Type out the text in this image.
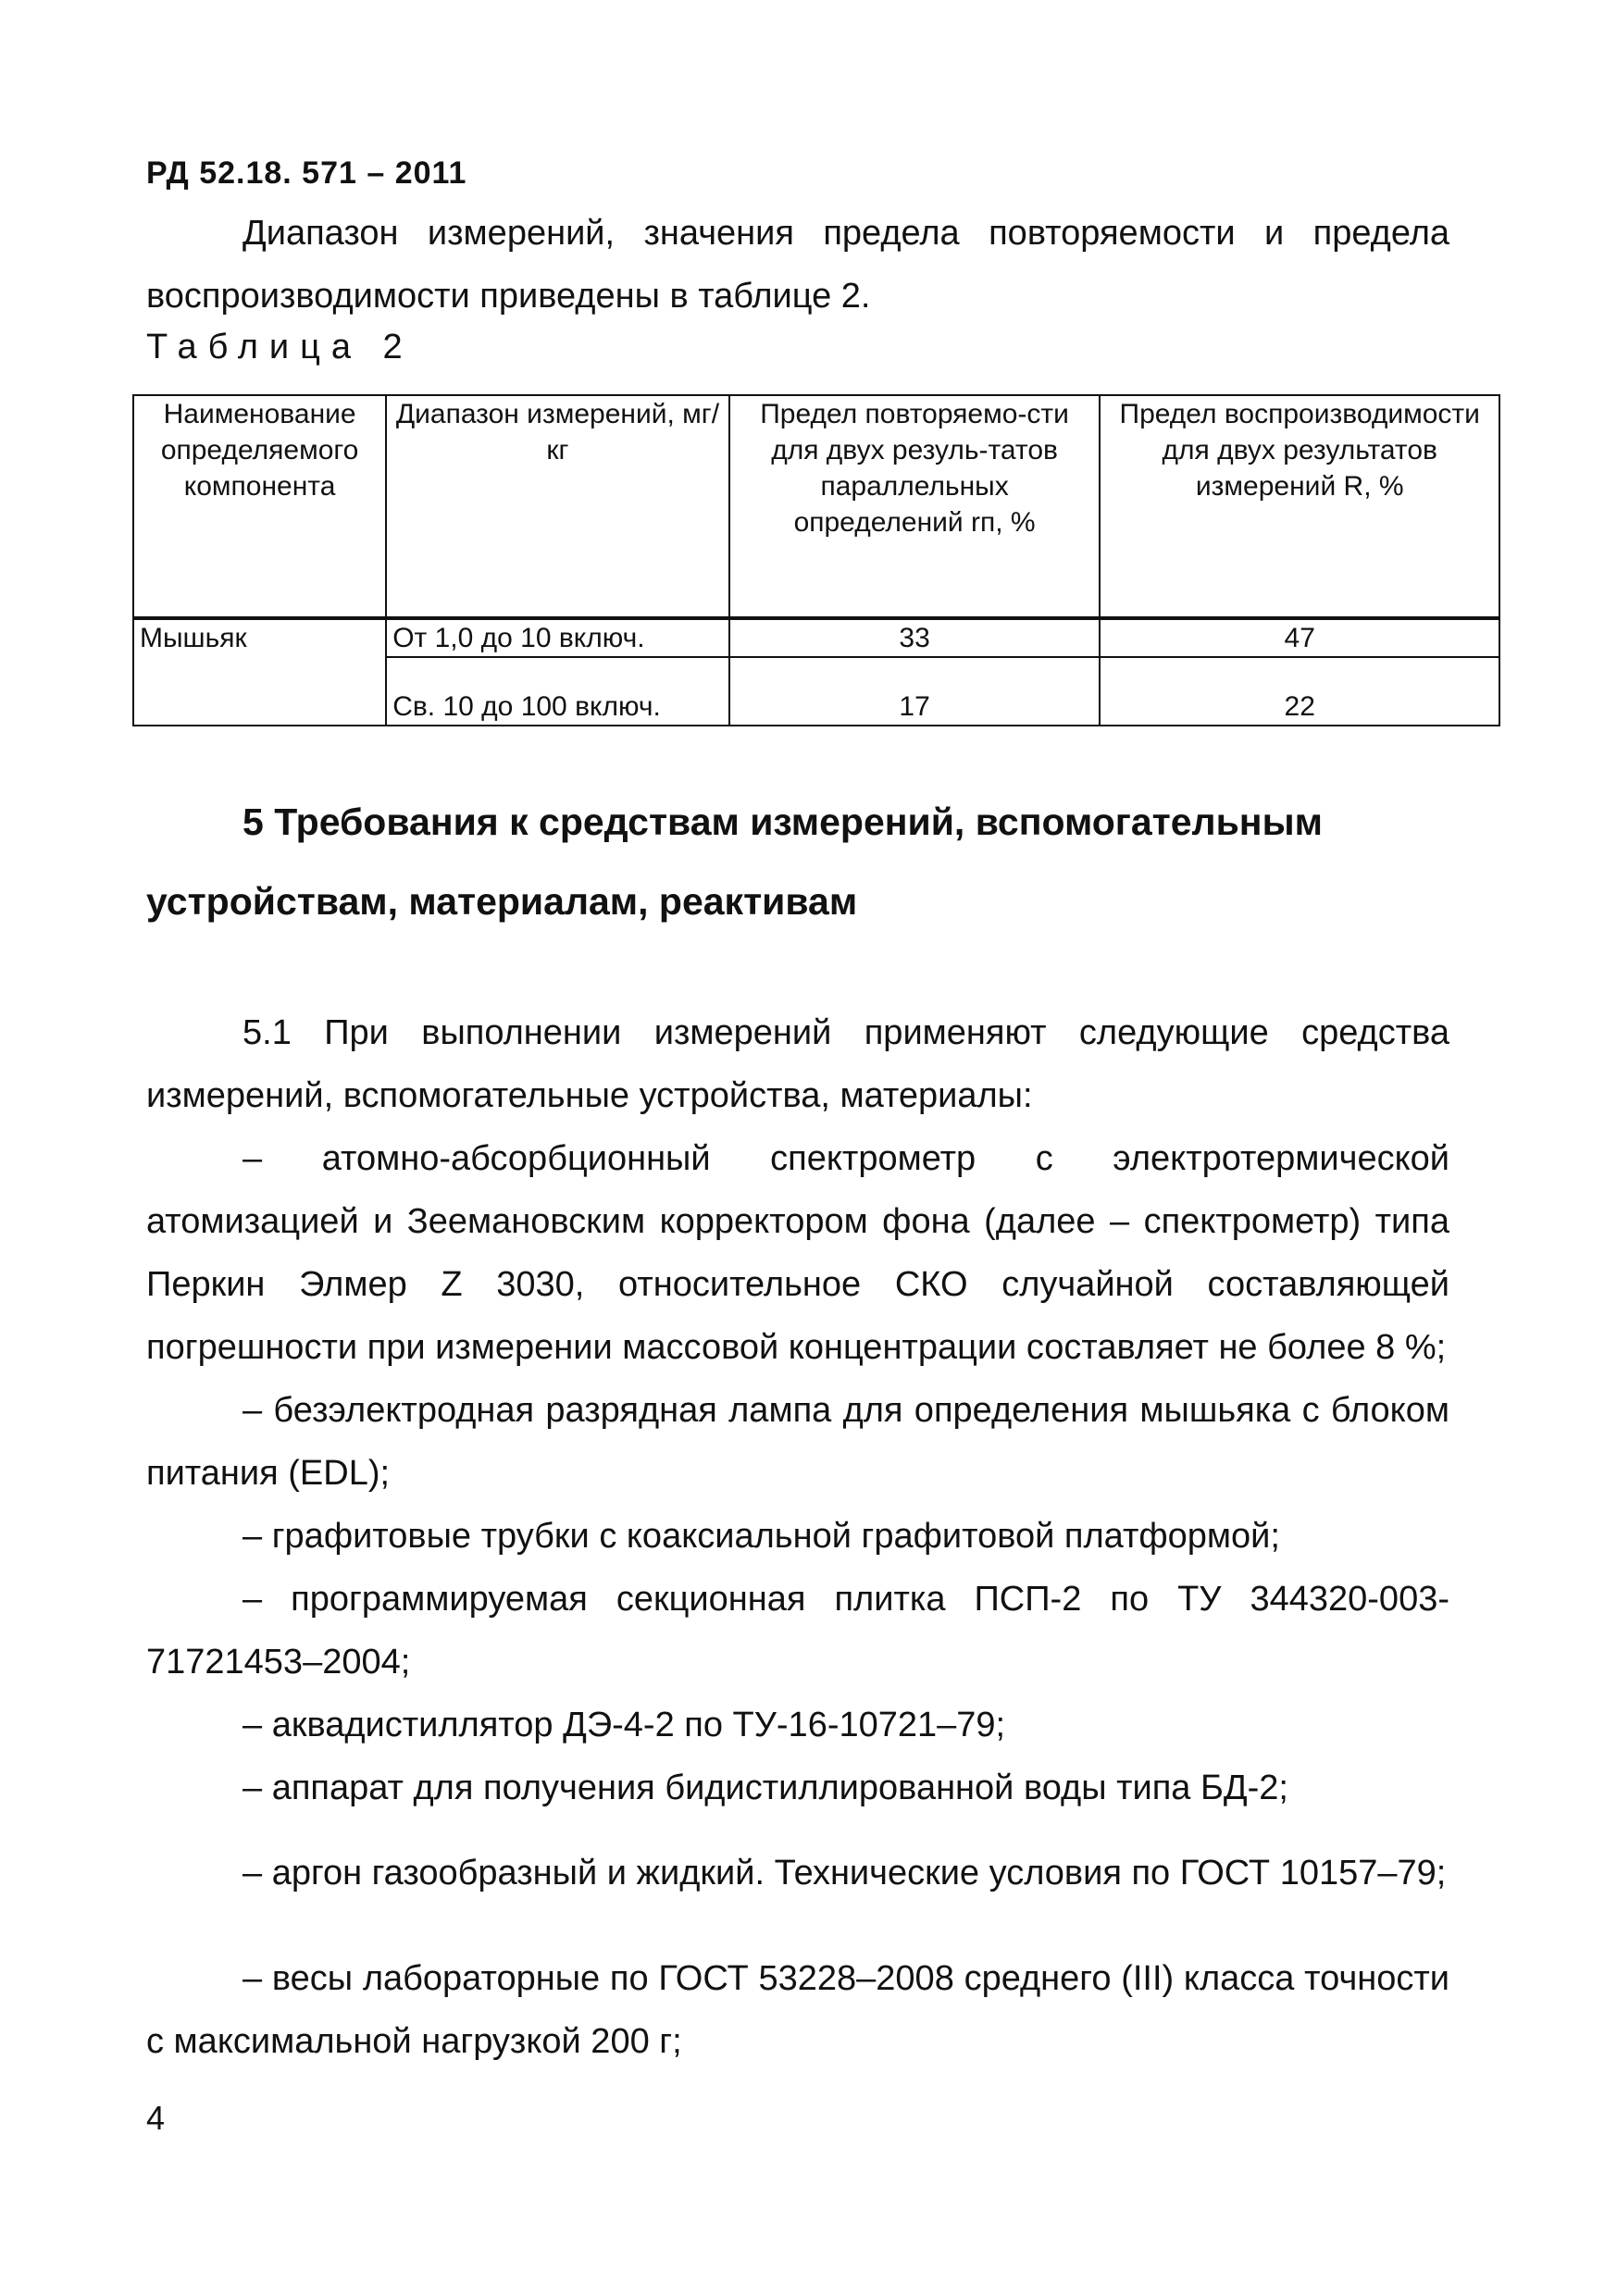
РД 52.18. 571 – 2011
Диапазон измерений, значения предела повторяемости и предела воспроизводимости приведены в таблице 2.
Таблица 2
Наименование определяемого компонента	Диапазон измерений, мг/кг	Предел повторяемо-сти для двух резуль-татов параллельных определений rп, %	Предел воспроизводимости для двух результатов измерений R, %
Мышьяк	От 1,0 до 10 включ.	33	47
	Св. 10 до 100 включ.	17	22
5 Требования к средствам измерений, вспомогательным
устройствам, материалам, реактивам
5.1 При выполнении измерений применяют следующие средства измерений, вспомогательные устройства, материалы:
– атомно-абсорбционный спектрометр с электротермической атомизацией и Зеемановским корректором фона (далее – спектрометр) типа Перкин Элмер Z 3030, относительное СКО случайной составляющей погрешности при измерении массовой концентрации составляет не более 8 %;
– безэлектродная разрядная лампа для определения мышьяка с блоком питания (EDL);
– графитовые трубки с коаксиальной графитовой платформой;
– программируемая секционная плитка ПСП-2 по ТУ 344320-003-71721453–2004;
– аквадистиллятор ДЭ-4-2 по ТУ-16-10721–79;
– аппарат для получения бидистиллированной воды типа БД-2;
– аргон газообразный и жидкий. Технические условия по ГОСТ 10157–79;
– весы лабораторные по ГОСТ 53228–2008 среднего (III) класса точности с максимальной нагрузкой 200 г;
4
